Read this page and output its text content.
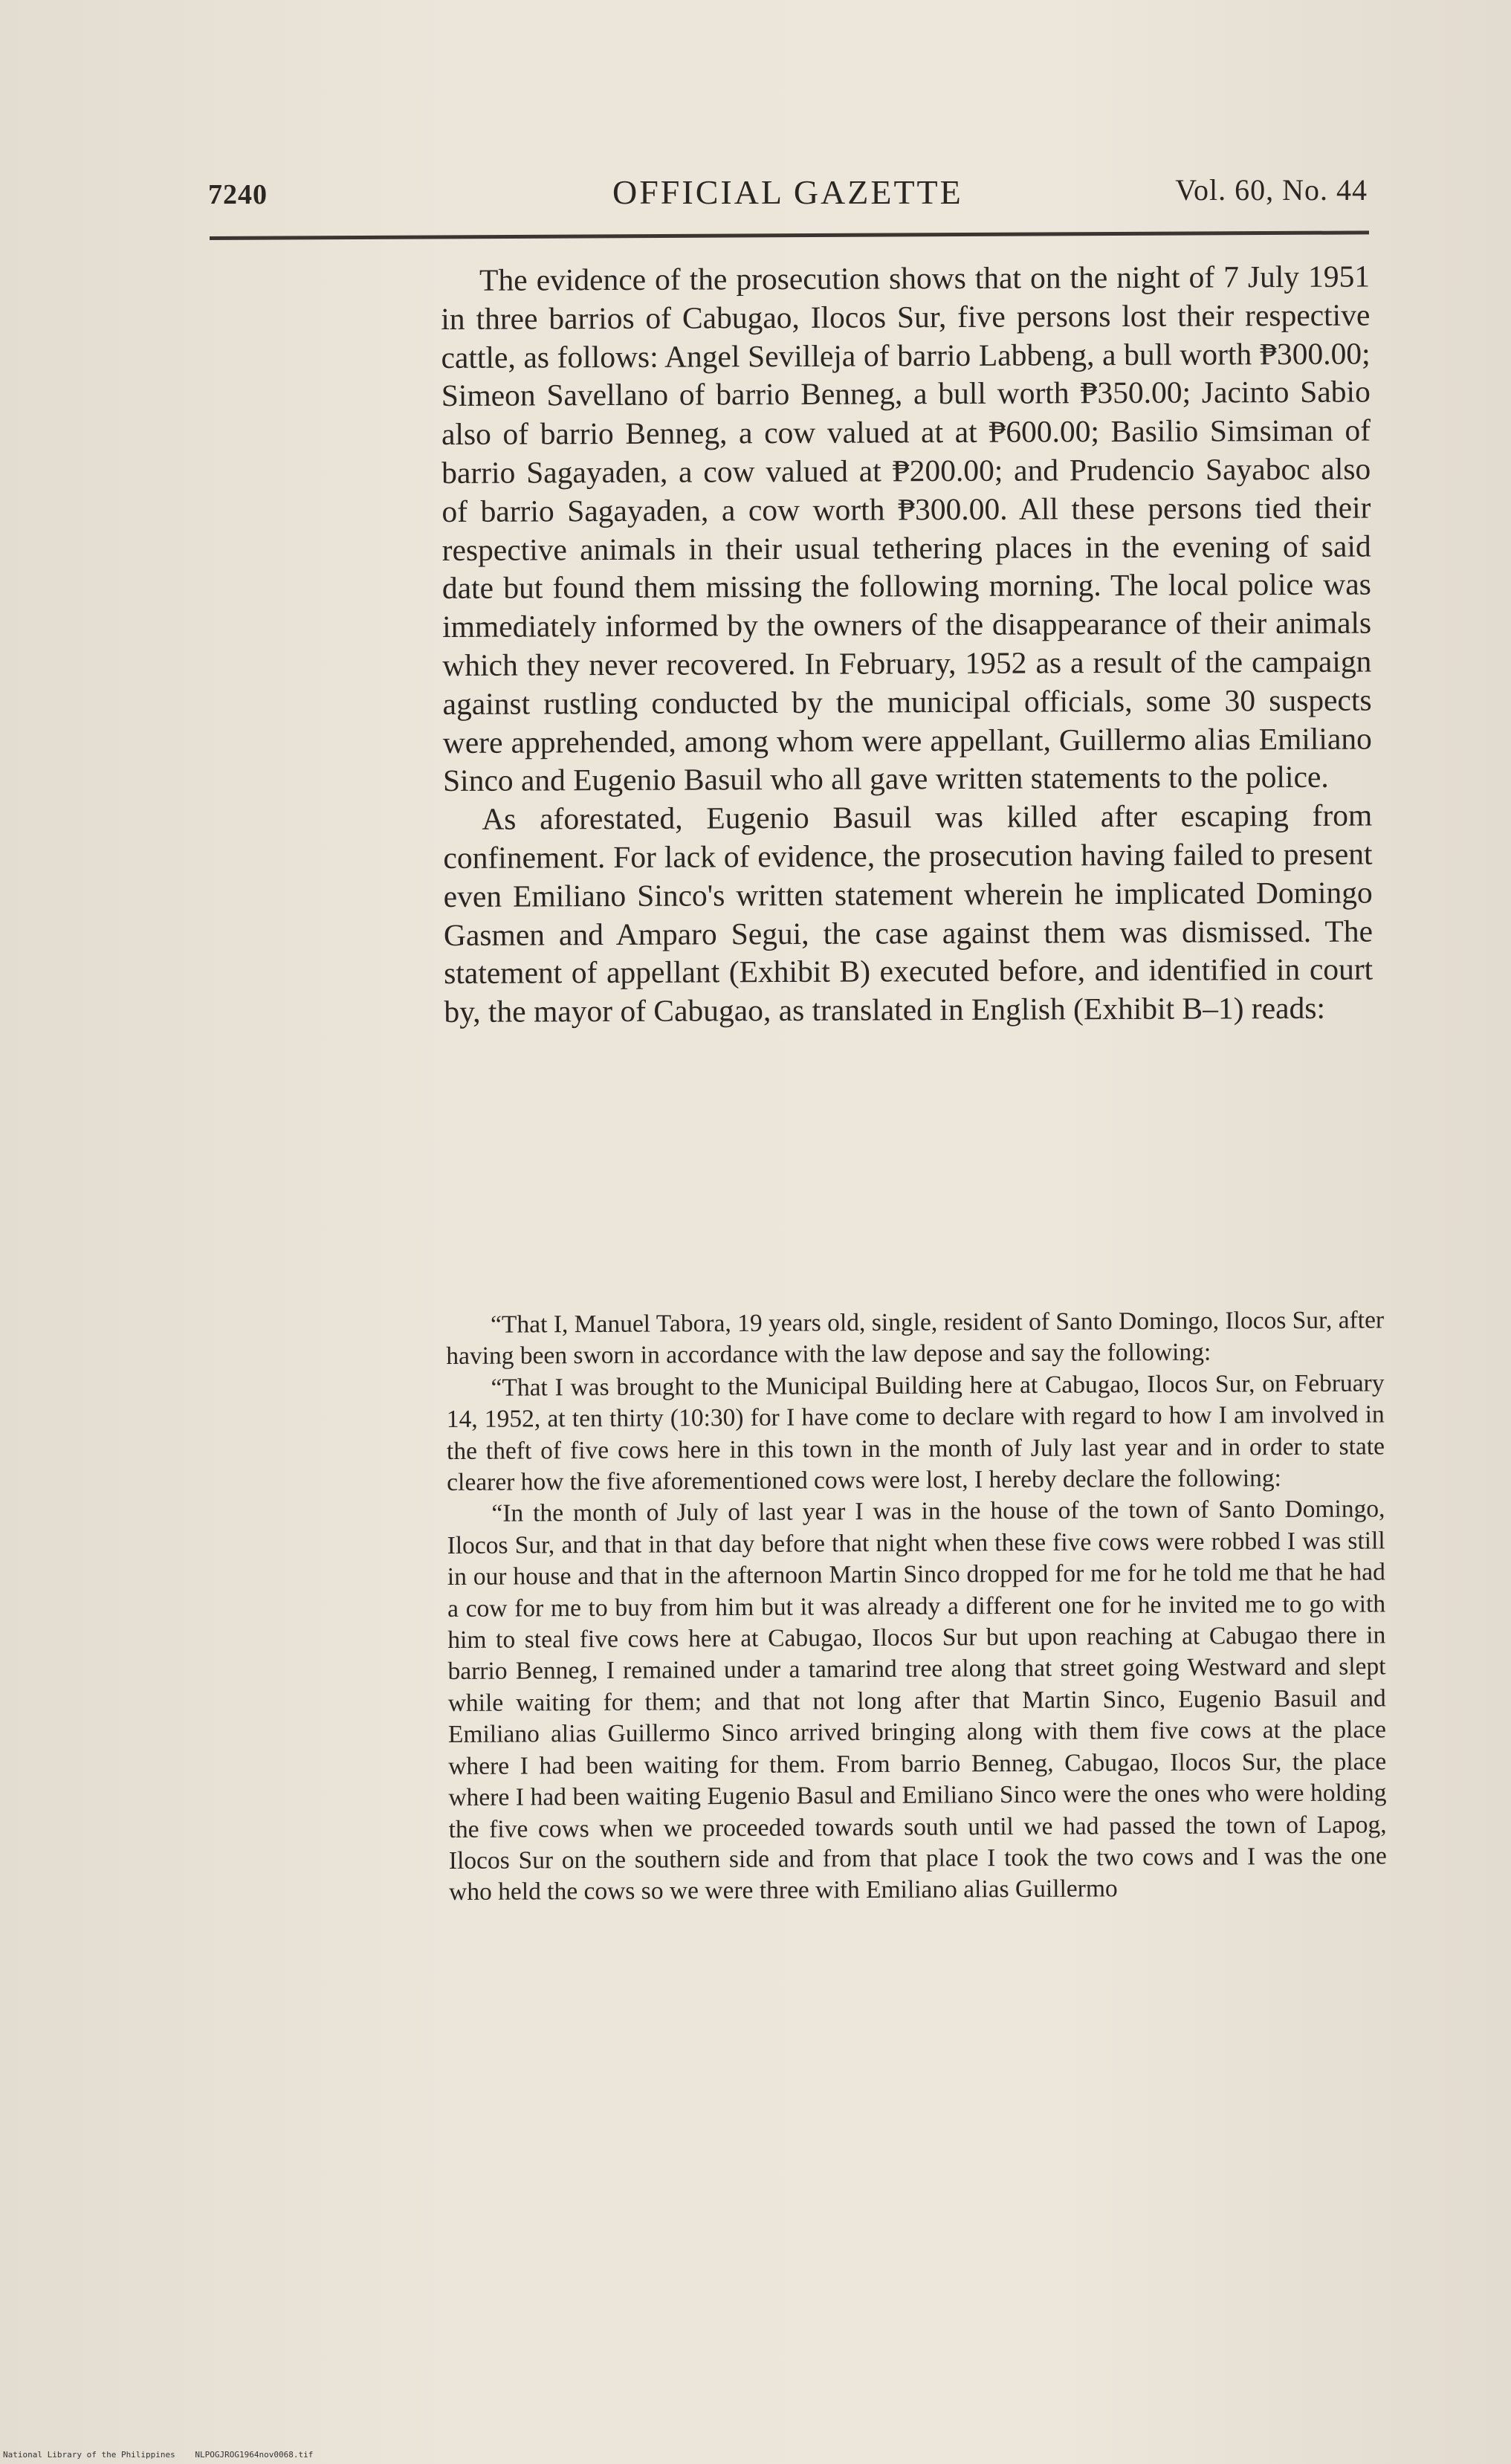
7240	OFFICIAL GAZETTE	Vol. 60, No. 44

The evidence of the prosecution shows that on the night of 7 July 1951 in three barrios of Cabugao, Ilocos Sur, five persons lost their respective cattle, as follows: Angel Sevilleja of barrio Labbeng, a bull worth ₱300.00; Simeon Savellano of barrio Benneg, a bull worth ₱350.00; Jacinto Sabio also of barrio Benneg, a cow valued at at ₱600.00; Basilio Simsiman of barrio Sagayaden, a cow valued at ₱200.00; and Prudencio Sayaboc also of barrio Sagayaden, a cow worth ₱300.00. All these persons tied their respective animals in their usual tethering places in the evening of said date but found them missing the following morning. The local police was immediately informed by the owners of the disappearance of their animals which they never recovered. In February, 1952 as a result of the campaign against rustling conducted by the municipal officials, some 30 suspects were apprehended, among whom were appellant, Guillermo alias Emiliano Sinco and Eugenio Basuil who all gave written statements to the police.

As aforestated, Eugenio Basuil was killed after escaping from confinement. For lack of evidence, the prosecution having failed to present even Emiliano Sinco's written statement wherein he implicated Domingo Gasmen and Amparo Segui, the case against them was dismissed. The statement of appellant (Exhibit B) executed before, and identified in court by, the mayor of Cabugao, as translated in English (Exhibit B–1) reads:

“That I, Manuel Tabora, 19 years old, single, resident of Santo Domingo, Ilocos Sur, after having been sworn in accordance with the law depose and say the following:

“That I was brought to the Municipal Building here at Cabugao, Ilocos Sur, on February 14, 1952, at ten thirty (10:30) for I have come to declare with regard to how I am involved in the theft of five cows here in this town in the month of July last year and in order to state clearer how the five aforementioned cows were lost, I hereby declare the following:

“In the month of July of last year I was in the house of the town of Santo Domingo, Ilocos Sur, and that in that day before that night when these five cows were robbed I was still in our house and that in the afternoon Martin Sinco dropped for me for he told me that he had a cow for me to buy from him but it was already a different one for he invited me to go with him to steal five cows here at Cabugao, Ilocos Sur but upon reaching at Cabugao there in barrio Benneg, I remained under a tamarind tree along that street going Westward and slept while waiting for them; and that not long after that Martin Sinco, Eugenio Basuil and Emiliano alias Guillermo Sinco arrived bringing along with them five cows at the place where I had been waiting for them. From barrio Benneg, Cabugao, Ilocos Sur, the place where I had been waiting Eugenio Basul and Emiliano Sinco were the ones who were holding the five cows when we proceeded towards south until we had passed the town of Lapog, Ilocos Sur on the southern side and from that place I took the two cows and I was the one who held the cows so we were three with Emiliano alias Guillermo

National Library of the Philippines NLPOGJROG1964nov0068.tif
